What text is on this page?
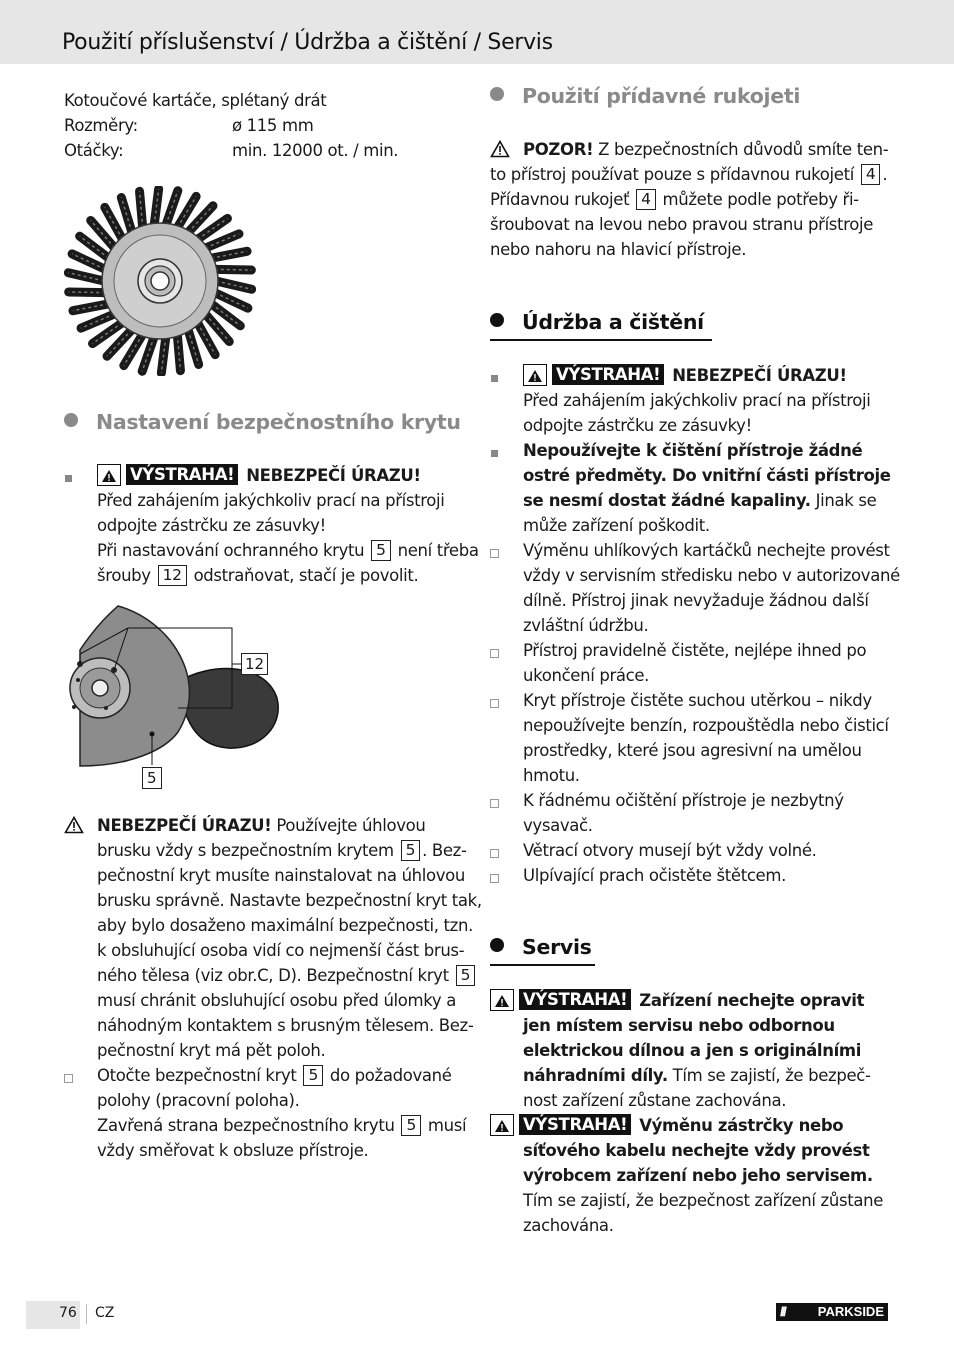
Použití příslušenství / Údržba a čištění / Servis

Kotoučové kartáče, splétaný drát

Rozměry:	ø 115 mm
Otáčky:	min. 12000 ot. / min.
Nastavení bezpečnostního krytu
VÝSTRAHA! NEBEZPEČÍ ÚRAZU!
Před zahájením jakýchkoliv prací na přístroji
odpojte zástrčku ze zásuvky!
Při nastavování ochranného krytu 5 není třeba
šrouby 12 odstraňovat, stačí je povolit.
12
5
NEBEZPEČÍ ÚRAZU! Používejte úhlovou
brusku vždy s bezpečnostním krytem 5 . Bez-
pečnostní kryt musíte nainstalovat na úhlovou
brusku správně. Nastavte bezpečnostní kryt tak,
aby bylo dosaženo maximální bezpečnosti, tzn.
k obsluhující osoba vidí co nejmenší část brus-
ného tělesa (viz obr.C, D). Bezpečnostní kryt 5
musí chránit obsluhující osobu před úlomky a
náhodným kontaktem s brusným tělesem. Bez-
pečnostní kryt má pět poloh.
Otočte bezpečnostní kryt 5 do požadované
polohy (pracovní poloha).
Zavřená strana bezpečnostního krytu 5 musí
vždy směřovat k obsluze přístroje.
Použití přídavné rukojeti
POZOR! Z bezpečnostních důvodů smíte ten-
to přístroj používat pouze s přídavnou rukojetí 4 .
Přídavnou rukojeť 4 můžete podle potřeby ři-
šroubovat na levou nebo pravou stranu přístroje
nebo nahoru na hlavicí přístroje.
Údržba a čištění
VÝSTRAHA! NEBEZPEČÍ ÚRAZU!
Před zahájením jakýchkoliv prací na přístroji
odpojte zástrčku ze zásuvky!
Nepoužívejte k čištění přístroje žádné
ostré předměty. Do vnitřní části přístroje
se nesmí dostat žádné kapaliny. Jinak se
může zařízení poškodit.
Výměnu uhlíkových kartáčků nechejte provést
vždy v servisním středisku nebo v autorizované
dílně. Přístroj jinak nevyžaduje žádnou další
zvláštní údržbu.
Přístroj pravidelně čistěte, nejlépe ihned po
ukončení práce.
Kryt přístroje čistěte suchou utěrkou – nikdy
nepoužívejte benzín, rozpouštědla nebo čisticí
prostředky, které jsou agresivní na umělou
hmotu.
K řádnému očištění přístroje je nezbytný
vysavač.
Větrací otvory musejí být vždy volné.
Ulpívající prach očistěte štětcem.
Servis
VÝSTRAHA! Zařízení nechejte opravit
jen místem servisu nebo odbornou
elektrickou dílnou a jen s originálními
náhradními díly. Tím se zajistí, že bezpeč-
nost zařízení zůstane zachována.
VÝSTRAHA! Výměnu zástrčky nebo
síťového kabelu nechejte vždy provést
výrobcem zařízení nebo jeho servisem.
Tím se zajistí, že bezpečnost zařízení zůstane
zachována.
76 CZ	///	PARKSIDE
